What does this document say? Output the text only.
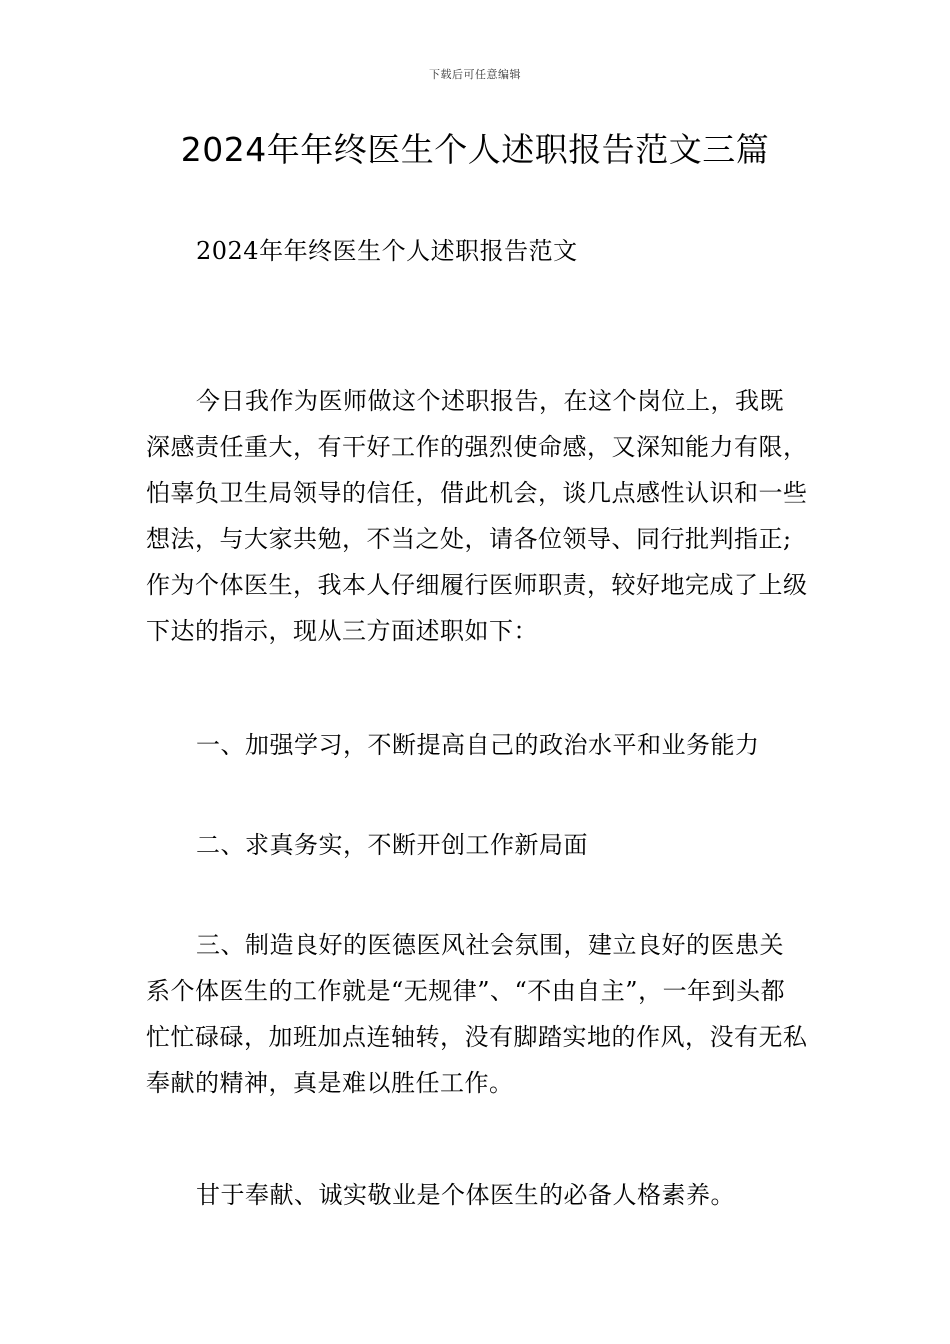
下载后可任意编辑
2024年年终医生个人述职报告范文三篇

2024年年终医生个人述职报告范文

今日我作为医师做这个述职报告，在这个岗位上，我既深感责任重大，有干好工作的强烈使命感，又深知能力有限，怕辜负卫生局领导的信任，借此机会，谈几点感性认识和一些想法，与大家共勉，不当之处，请各位领导、同行批判指正;作为个体医生，我本人仔细履行医师职责，较好地完成了上级下达的指示，现从三方面述职如下：

一、加强学习，不断提高自己的政治水平和业务能力

二、求真务实，不断开创工作新局面

三、制造良好的医德医风社会氛围，建立良好的医患关系个体医生的工作就是“无规律”、“不由自主”，一年到头都忙忙碌碌，加班加点连轴转，没有脚踏实地的作风，没有无私奉献的精神，真是难以胜任工作。

甘于奉献、诚实敬业是个体医生的必备人格素养。
